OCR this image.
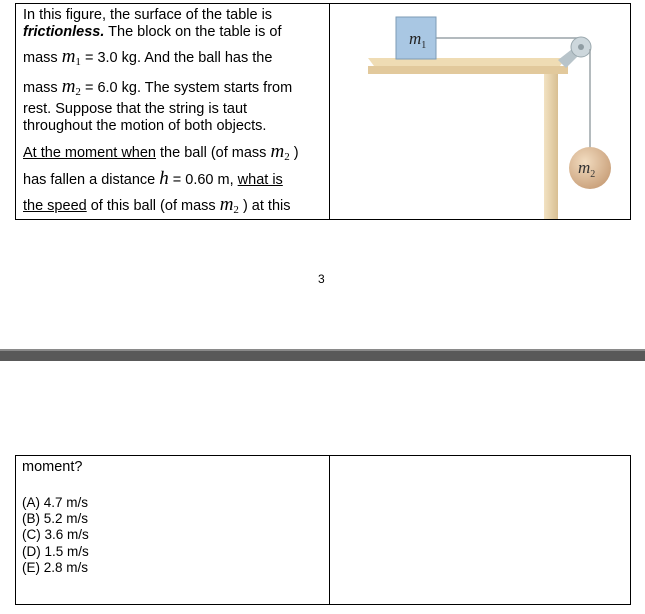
In this figure, the surface of the table is
frictionless. The block on the table is of
mass $m_1 = 3.0$ kg. And the ball has the
mass $m_2 = 6.0$ kg. The system starts from
rest. Suppose that the string is taut
throughout the motion of both objects.
At the moment when the ball (of mass $m_2$ )
has fallen a distance h = 0.60 m, what is
the speed of this ball (of mass $m_2$ ) at this
$m_1$
$m_2$
3
moment?
(A) 4.7 m/s
(B) 5.2 m/s
(C) 3.6 m/s
(D) 1.5 m/s
(E) 2.8 m/s
